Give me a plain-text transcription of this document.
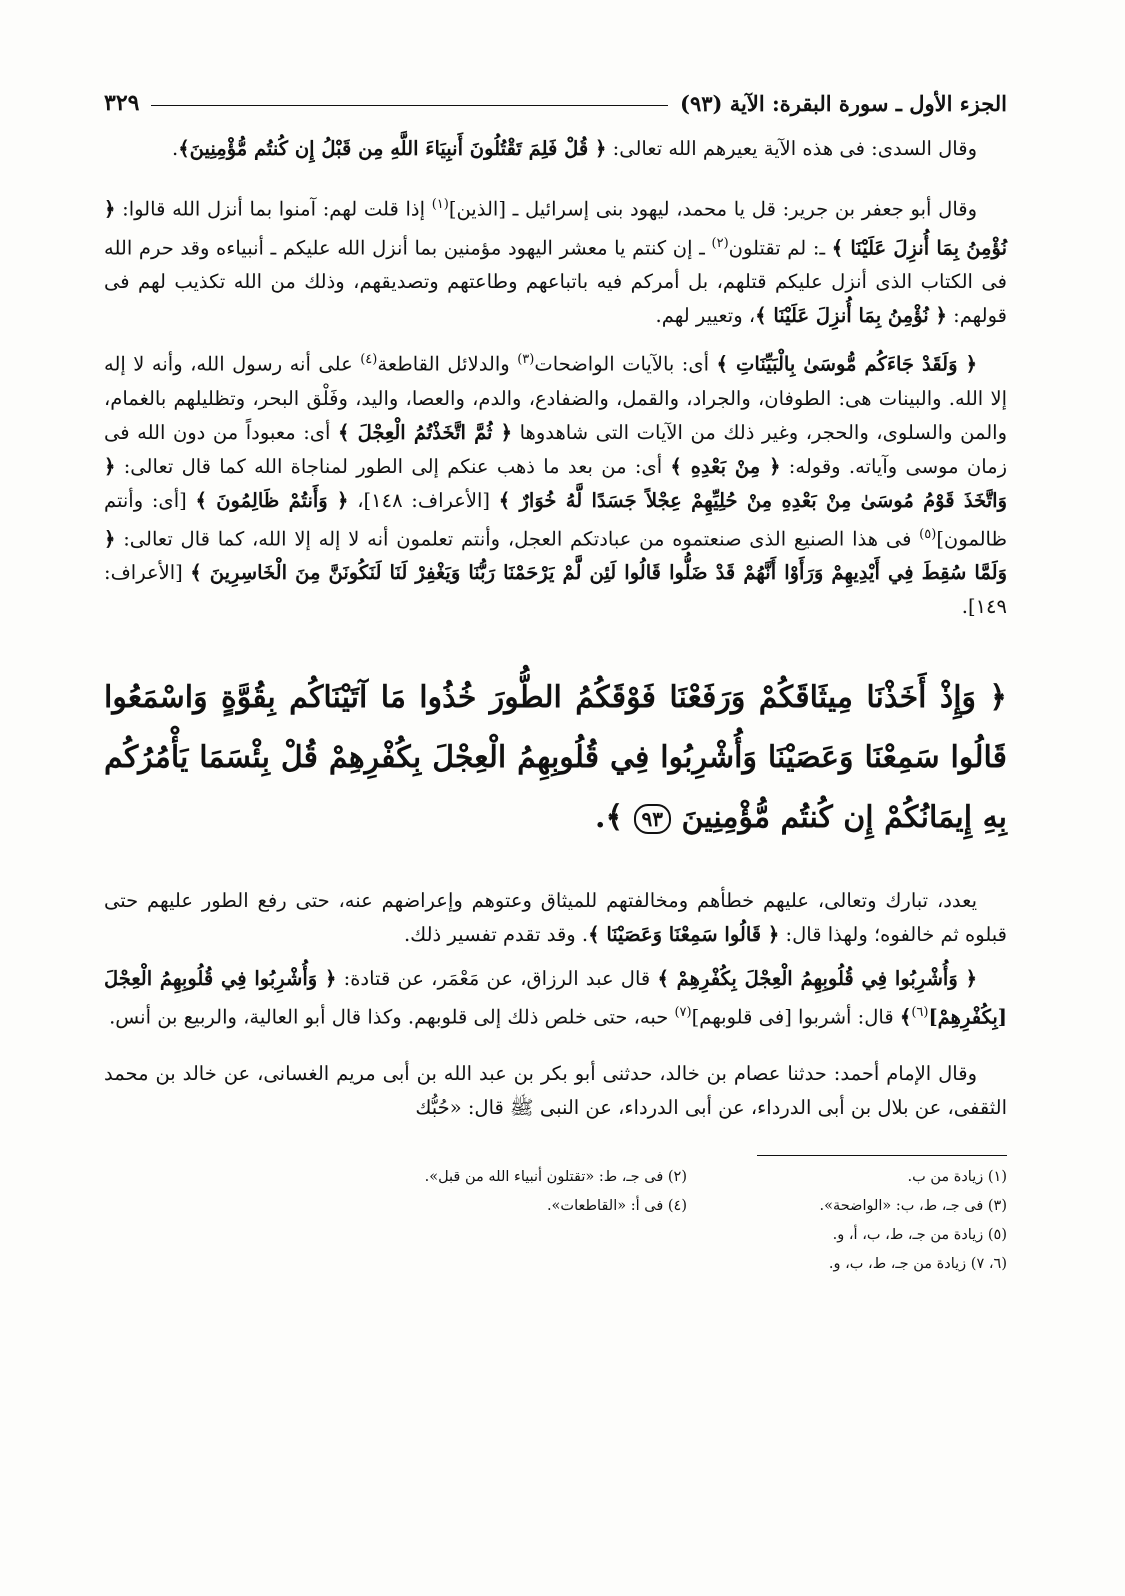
الجزء الأول ـ سورة البقرة: الآية (٩٣)
٣٢٩

وقال السدى: فى هذه الآية يعيرهم الله تعالى: ﴿ قُلْ فَلِمَ تَقْتُلُونَ أَنبِيَاءَ اللَّهِ مِن قَبْلُ إِن كُنتُم مُّؤْمِنِينَ﴾.

وقال أبو جعفر بن جرير: قل يا محمد، ليهود بنى إسرائيل ـ [الذين]$^{(١)}$ إذا قلت لهم: آمنوا بما أنزل الله قالوا: ﴿ نُؤْمِنُ بِمَا أُنزِلَ عَلَيْنَا ﴾ ـ: لم تقتلون$^{(٢)}$ ـ إن كنتم يا معشر اليهود مؤمنين بما أنزل الله عليكم ـ أنبياءه وقد حرم الله فى الكتاب الذى أنزل عليكم قتلهم، بل أمركم فيه باتباعهم وطاعتهم وتصديقهم، وذلك من الله تكذيب لهم فى قولهم: ﴿ نُؤْمِنُ بِمَا أُنزِلَ عَلَيْنَا ﴾، وتعيير لهم.

﴿ وَلَقَدْ جَاءَكُم مُّوسَىٰ بِالْبَيِّنَاتِ ﴾ أى: بالآيات الواضحات$^{(٣)}$ والدلائل القاطعة$^{(٤)}$ على أنه رسول الله، وأنه لا إله إلا الله. والبينات هى: الطوفان، والجراد، والقمل، والضفادع، والدم، والعصا، واليد، وفَلْق البحر، وتظليلهم بالغمام، والمن والسلوى، والحجر، وغير ذلك من الآيات التى شاهدوها ﴿ ثُمَّ اتَّخَذْتُمُ الْعِجْلَ ﴾ أى: معبوداً من دون الله فى زمان موسى وآياته. وقوله: ﴿ مِنْ بَعْدِهِ ﴾ أى: من بعد ما ذهب عنكم إلى الطور لمناجاة الله كما قال تعالى: ﴿ وَاتَّخَذَ قَوْمُ مُوسَىٰ مِنْ بَعْدِهِ مِنْ حُلِيِّهِمْ عِجْلاً جَسَدًا لَّهُ خُوَارٌ ﴾ [الأعراف: ١٤٨]، ﴿ وَأَنتُمْ ظَالِمُونَ ﴾ [أى: وأنتم ظالمون]$^{(٥)}$ فى هذا الصنيع الذى صنعتموه من عبادتكم العجل، وأنتم تعلمون أنه لا إله إلا الله، كما قال تعالى: ﴿ وَلَمَّا سُقِطَ فِي أَيْدِيهِمْ وَرَأَوْا أَنَّهُمْ قَدْ ضَلُّوا قَالُوا لَئِن لَّمْ يَرْحَمْنَا رَبُّنَا وَيَغْفِرْ لَنَا لَنَكُونَنَّ مِنَ الْخَاسِرِينَ ﴾ [الأعراف: ١٤٩].

﴿ وَإِذْ أَخَذْنَا مِيثَاقَكُمْ وَرَفَعْنَا فَوْقَكُمُ الطُّورَ خُذُوا مَا آتَيْنَاكُم بِقُوَّةٍ وَاسْمَعُوا قَالُوا سَمِعْنَا وَعَصَيْنَا وَأُشْرِبُوا فِي قُلُوبِهِمُ الْعِجْلَ بِكُفْرِهِمْ قُلْ بِئْسَمَا يَأْمُرُكُم بِهِ إِيمَانُكُمْ إِن كُنتُم مُّؤْمِنِينَ ٩٣ ﴾.

يعدد، تبارك وتعالى، عليهم خطأهم ومخالفتهم للميثاق وعتوهم وإعراضهم عنه، حتى رفع الطور عليهم حتى قبلوه ثم خالفوه؛ ولهذا قال: ﴿ قَالُوا سَمِعْنَا وَعَصَيْنَا ﴾. وقد تقدم تفسير ذلك.

﴿ وَأُشْرِبُوا فِي قُلُوبِهِمُ الْعِجْلَ بِكُفْرِهِمْ ﴾ قال عبد الرزاق، عن مَعْمَر، عن قتادة: ﴿ وَأُشْرِبُوا فِي قُلُوبِهِمُ الْعِجْلَ [بِكُفْرِهِمْ]$^{(٦)}$﴾ قال: أشربوا [فى قلوبهم]$^{(٧)}$ حبه، حتى خلص ذلك إلى قلوبهم. وكذا قال أبو العالية، والربيع بن أنس.

وقال الإمام أحمد: حدثنا عصام بن خالد، حدثنى أبو بكر بن عبد الله بن أبى مريم الغسانى، عن خالد بن محمد الثقفى، عن بلال بن أبى الدرداء، عن أبى الدرداء، عن النبى ﷺ قال: «حُبُّك

(١) زيادة من ب.
(٢) فى جـ، ط: «تقتلون أنبياء الله من قبل».
(٣) فى جـ، ط، ب: «الواضحة».
(٤) فى أ: «القاطعات».
(٥) زيادة من جـ، ط، ب، أ، و.
(٦، ٧) زيادة من جـ، ط، ب، و.
